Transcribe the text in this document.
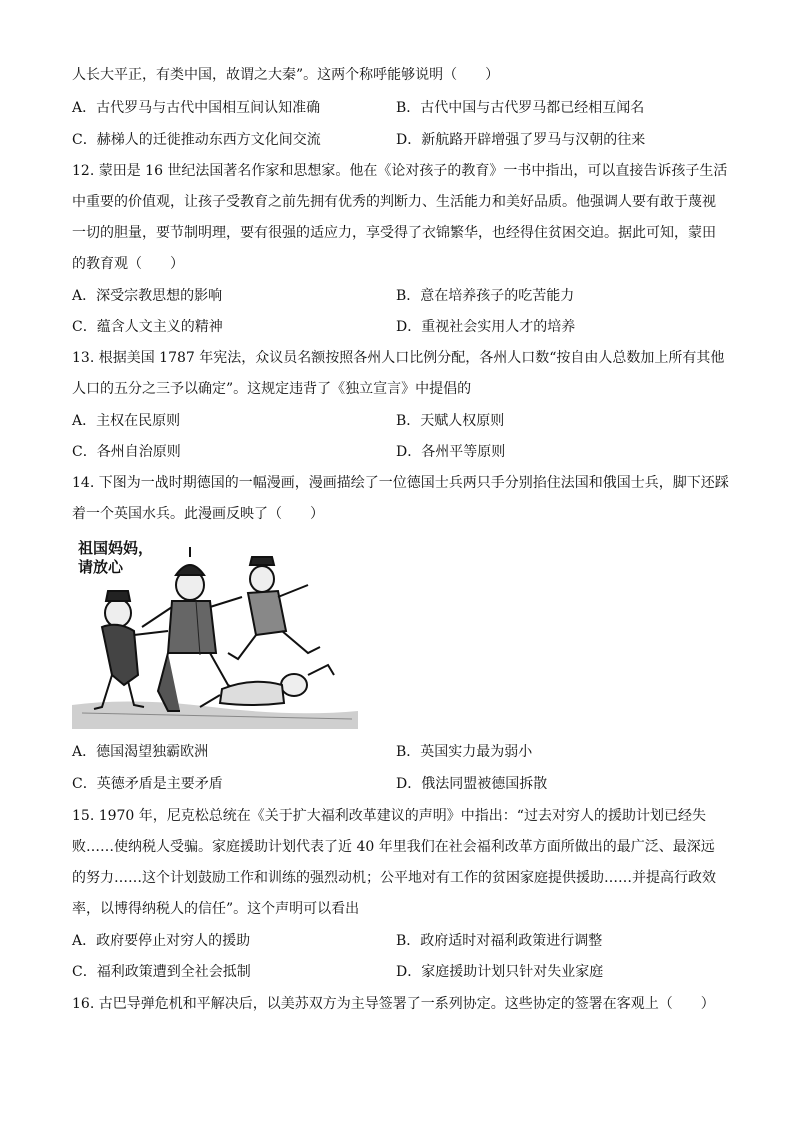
人长大平正，有类中国，故谓之大秦”。这两个称呼能够说明（　　）
A．古代罗马与古代中国相互间认知准确	B．古代中国与古代罗马都已经相互闻名
C．赫梯人的迁徙推动东西方文化间交流	D．新航路开辟增强了罗马与汉朝的往来
12. 蒙田是 16 世纪法国著名作家和思想家。他在《论对孩子的教育》一书中指出，可以直接告诉孩子生活
中重要的价值观，让孩子受教育之前先拥有优秀的判断力、生活能力和美好品质。他强调人要有敢于蔑视
一切的胆量，要节制明理，要有很强的适应力，享受得了衣锦繁华，也经得住贫困交迫。据此可知，蒙田
的教育观（　　）
A．深受宗教思想的影响	B．意在培养孩子的吃苦能力
C．蕴含人文主义的精神	D．重视社会实用人才的培养
13. 根据美国 1787 年宪法，众议员名额按照各州人口比例分配，各州人口数“按自由人总数加上所有其他
人口的五分之三予以确定”。这规定违背了《独立宣言》中提倡的
A．主权在民原则	B．天赋人权原则
C．各州自治原则	D．各州平等原则
14. 下图为一战时期德国的一幅漫画，漫画描绘了一位德国士兵两只手分别掐住法国和俄国士兵，脚下还踩
着一个英国水兵。此漫画反映了（　　）
祖国妈妈，
请放心
A．德国渴望独霸欧洲	B．英国实力最为弱小
C．英德矛盾是主要矛盾	D．俄法同盟被德国拆散
15. 1970 年，尼克松总统在《关于扩大福利改革建议的声明》中指出：“过去对穷人的援助计划已经失
败……使纳税人受骗。家庭援助计划代表了近 40 年里我们在社会福利改革方面所做出的最广泛、最深远
的努力……这个计划鼓励工作和训练的强烈动机；公平地对有工作的贫困家庭提供援助……并提高行政效
率，以博得纳税人的信任”。这个声明可以看出
A．政府要停止对穷人的援助	B．政府适时对福利政策进行调整
C．福利政策遭到全社会抵制	D．家庭援助计划只针对失业家庭
16. 古巴导弹危机和平解决后，以美苏双方为主导签署了一系列协定。这些协定的签署在客观上（　　）
